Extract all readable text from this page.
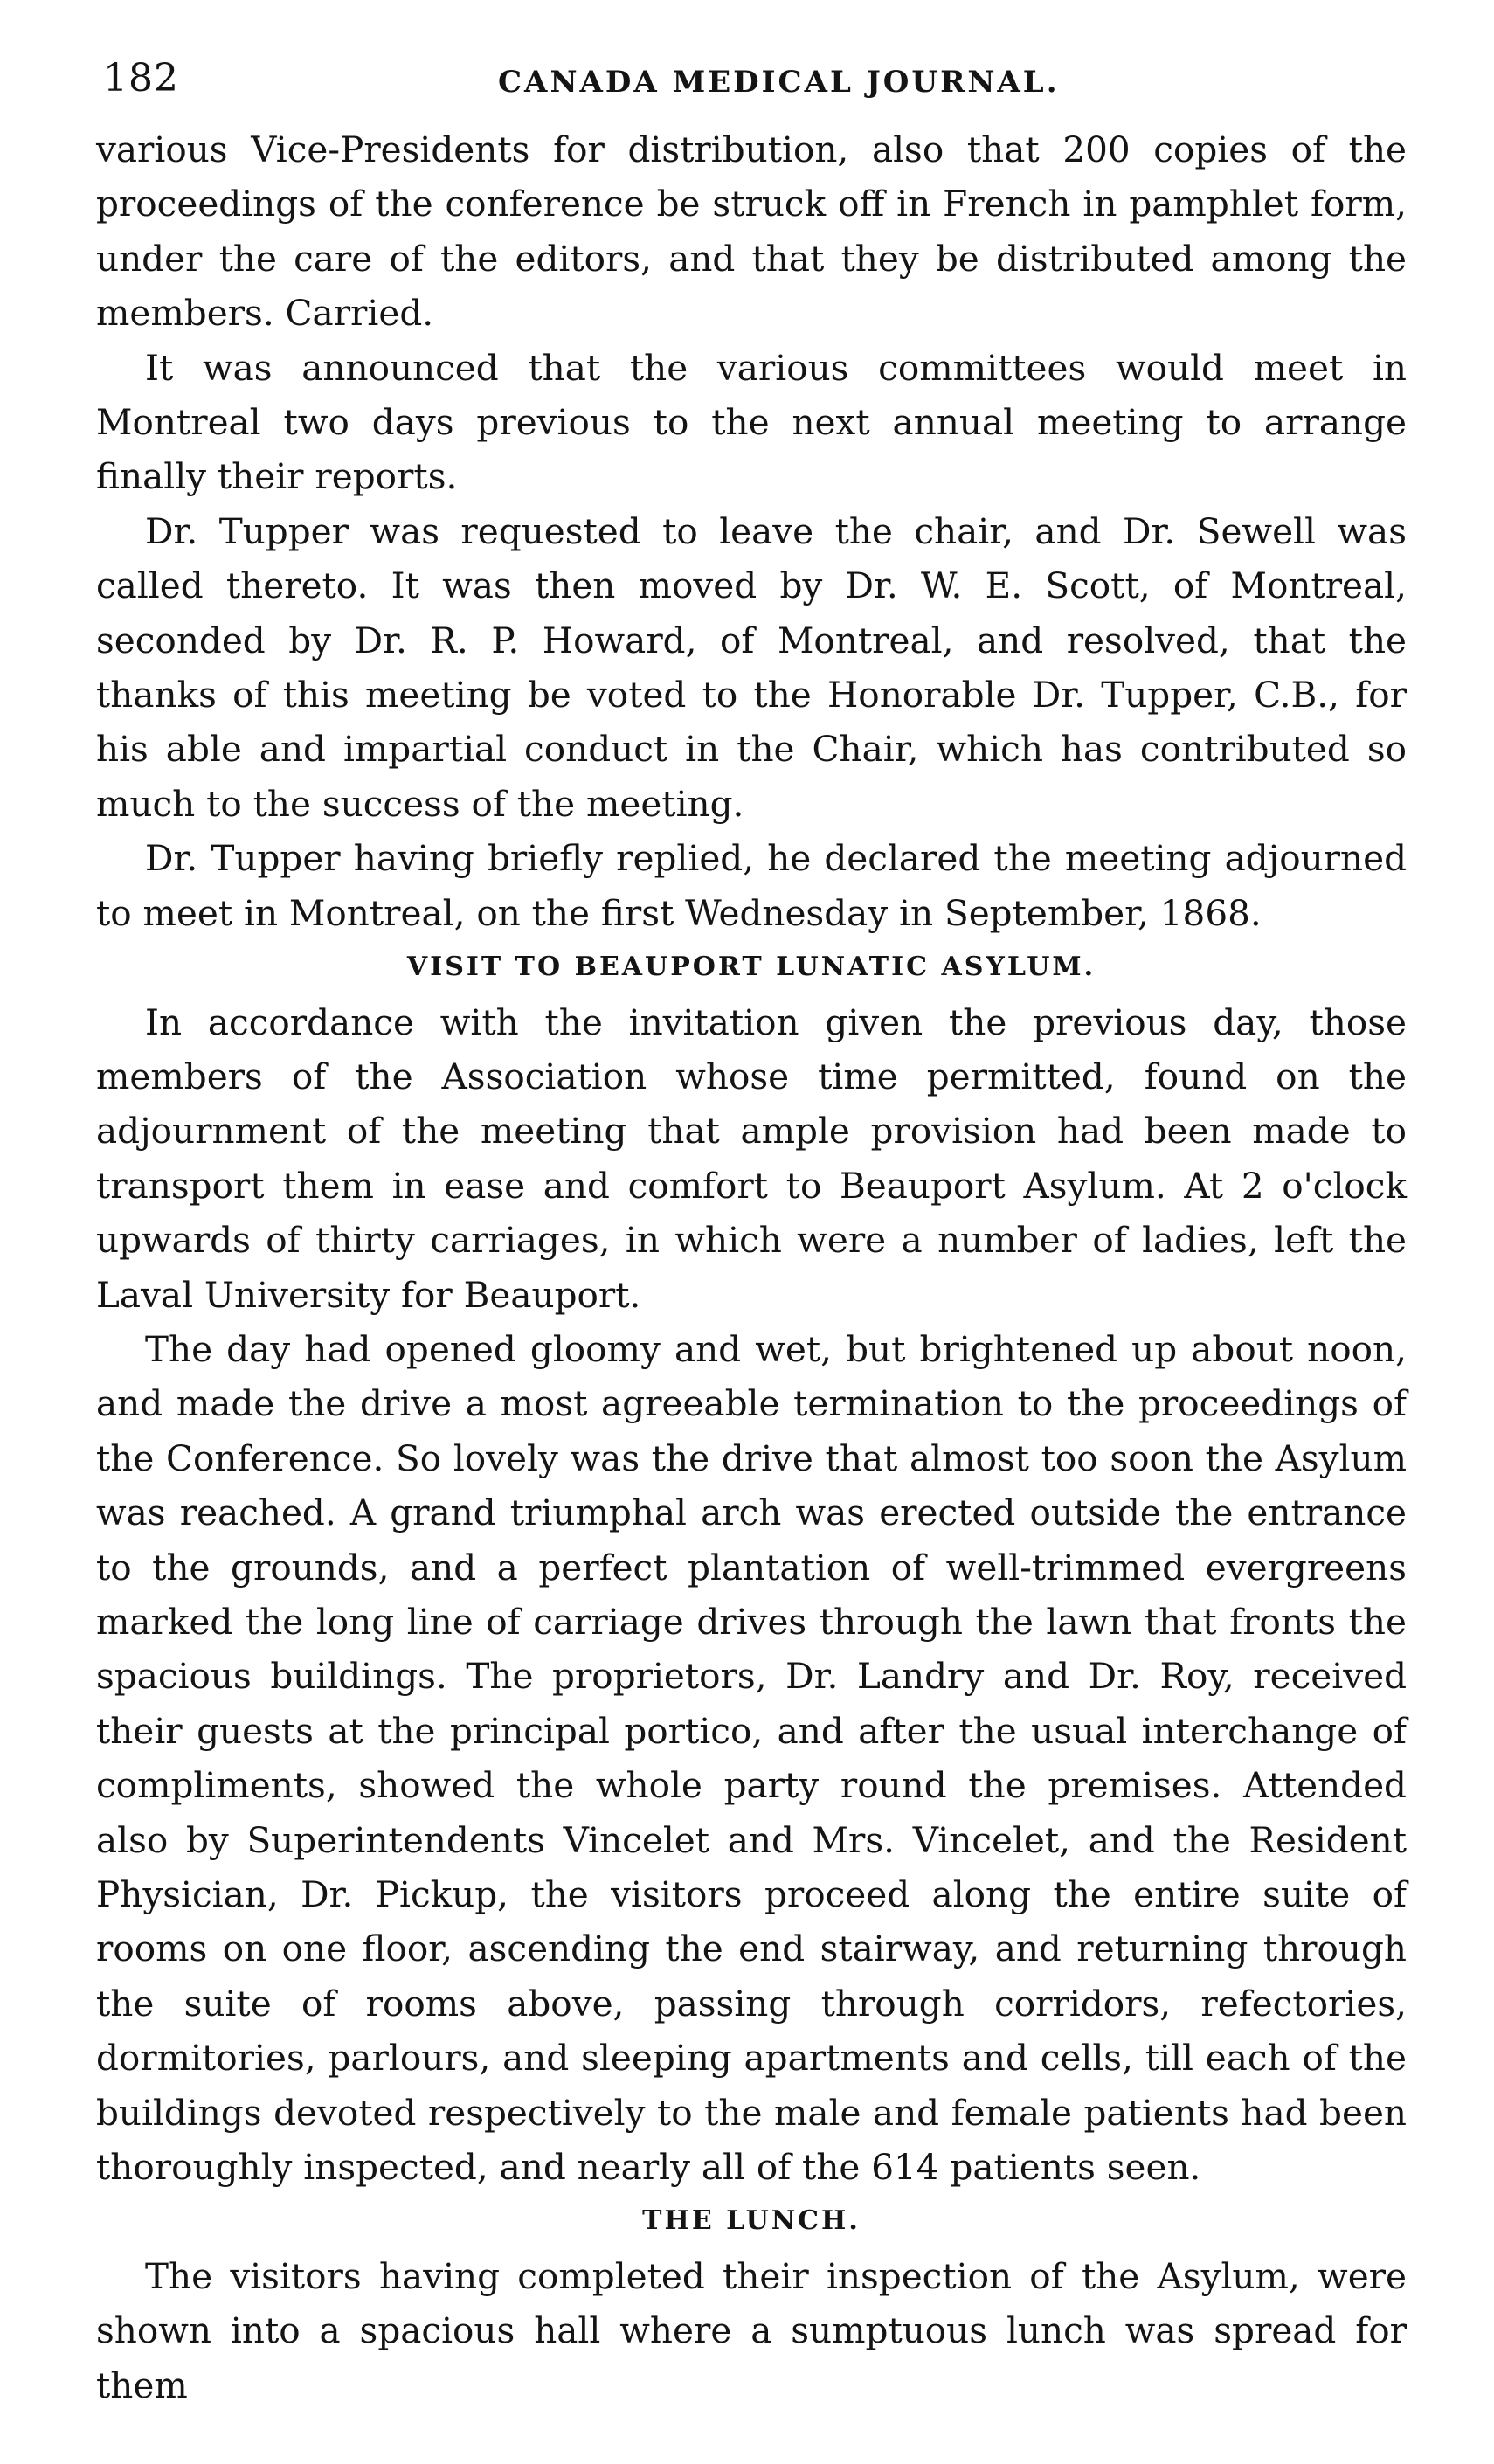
182	CANADA MEDICAL JOURNAL.

various Vice-Presidents for distribution, also that 200 copies of the proceedings of the conference be struck off in French in pamphlet form, under the care of the editors, and that they be distributed among the members. Carried.

It was announced that the various committees would meet in Montreal two days previous to the next annual meeting to arrange finally their reports.

Dr. Tupper was requested to leave the chair, and Dr. Sewell was called thereto. It was then moved by Dr. W. E. Scott, of Montreal, seconded by Dr. R. P. Howard, of Montreal, and resolved, that the thanks of this meeting be voted to the Honorable Dr. Tupper, C.B., for his able and impartial conduct in the Chair, which has contributed so much to the success of the meeting.

Dr. Tupper having briefly replied, he declared the meeting adjourned to meet in Montreal, on the first Wednesday in September, 1868.

VISIT TO BEAUPORT LUNATIC ASYLUM.

In accordance with the invitation given the previous day, those members of the Association whose time permitted, found on the adjournment of the meeting that ample provision had been made to transport them in ease and comfort to Beauport Asylum. At 2 o'clock upwards of thirty carriages, in which were a number of ladies, left the Laval University for Beauport.

The day had opened gloomy and wet, but brightened up about noon, and made the drive a most agreeable termination to the proceedings of the Conference. So lovely was the drive that almost too soon the Asylum was reached. A grand triumphal arch was erected outside the entrance to the grounds, and a perfect plantation of well-trimmed evergreens marked the long line of carriage drives through the lawn that fronts the spacious buildings. The proprietors, Dr. Landry and Dr. Roy, received their guests at the principal portico, and after the usual interchange of compliments, showed the whole party round the premises. Attended also by Superintendents Vincelet and Mrs. Vincelet, and the Resident Physician, Dr. Pickup, the visitors proceed along the entire suite of rooms on one floor, ascending the end stairway, and returning through the suite of rooms above, passing through corridors, refectories, dormitories, parlours, and sleeping apartments and cells, till each of the buildings devoted respectively to the male and female patients had been thoroughly inspected, and nearly all of the 614 patients seen.

THE LUNCH.

The visitors having completed their inspection of the Asylum, were shown into a spacious hall where a sumptuous lunch was spread for them
